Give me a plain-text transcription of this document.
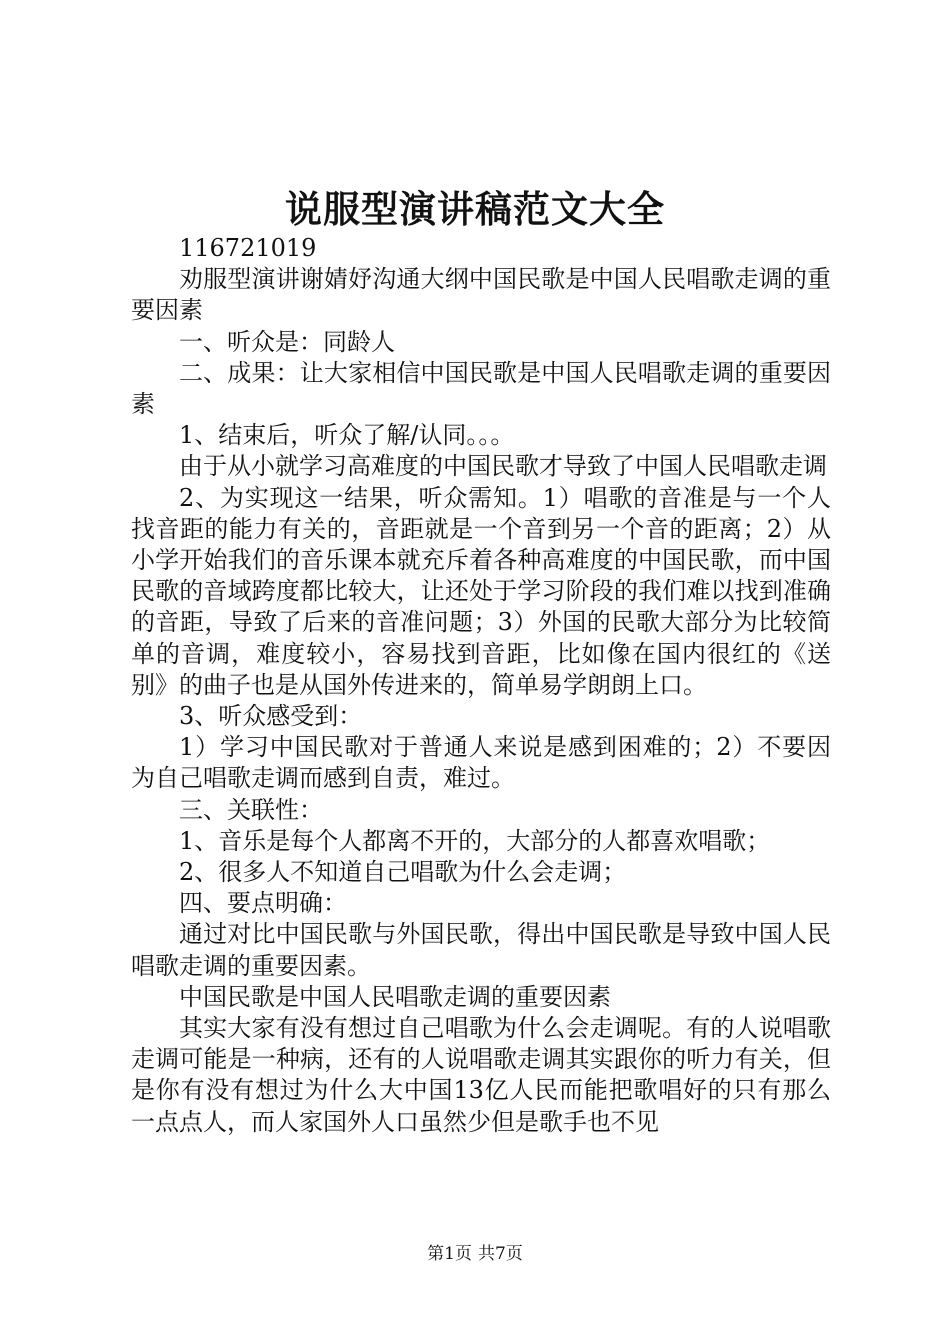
说服型演讲稿范文大全

116721019

劝服型演讲谢婧妤沟通大纲中国民歌是中国人民唱歌走调的重要因素

一、听众是：同龄人

二、成果：让大家相信中国民歌是中国人民唱歌走调的重要因素

1、结束后，听众了解/认同。。。

由于从小就学习高难度的中国民歌才导致了中国人民唱歌走调

2、为实现这一结果，听众需知。1）唱歌的音准是与一个人找音距的能力有关的，音距就是一个音到另一个音的距离；2）从小学开始我们的音乐课本就充斥着各种高难度的中国民歌，而中国民歌的音域跨度都比较大，让还处于学习阶段的我们难以找到准确的音距，导致了后来的音准问题；3）外国的民歌大部分为比较简单的音调，难度较小，容易找到音距，比如像在国内很红的《送别》的曲子也是从国外传进来的，简单易学朗朗上口。

3、听众感受到：

1）学习中国民歌对于普通人来说是感到困难的；2）不要因为自己唱歌走调而感到自责，难过。

三、关联性：

1、音乐是每个人都离不开的，大部分的人都喜欢唱歌；

2、很多人不知道自己唱歌为什么会走调；

四、要点明确：

通过对比中国民歌与外国民歌，得出中国民歌是导致中国人民唱歌走调的重要因素。

中国民歌是中国人民唱歌走调的重要因素

其实大家有没有想过自己唱歌为什么会走调呢。有的人说唱歌走调可能是一种病，还有的人说唱歌走调其实跟你的听力有关，但是你有没有想过为什么大中国13亿人民而能把歌唱好的只有那么一点点人，而人家国外人口虽然少但是歌手也不见

第1页 共7页
